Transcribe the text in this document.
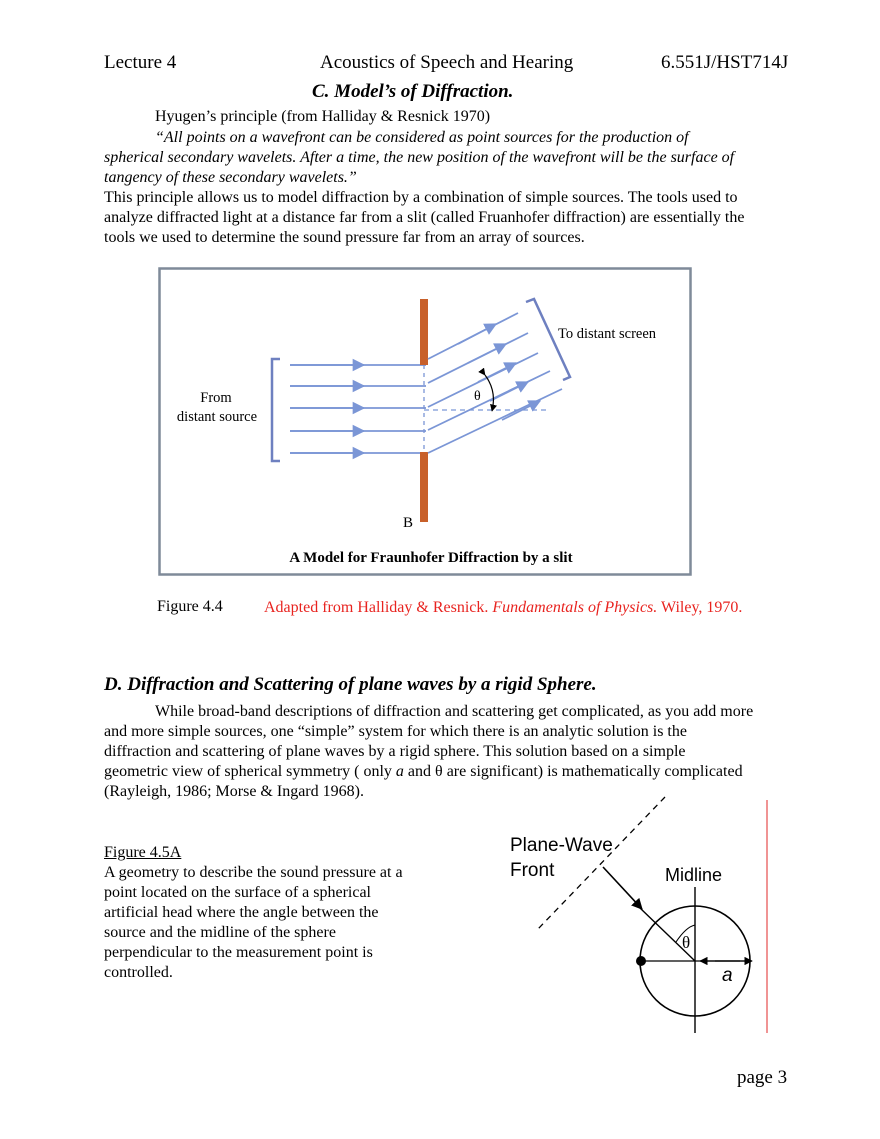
Lecture 4	Acoustics of Speech and Hearing	6.551J/HST714J
C. Model’s of Diffraction.
Hyugen’s principle (from Halliday & Resnick 1970)
“All points on a wavefront can be considered as point sources for the production of
spherical secondary wavelets. After a time, the new position of the wavefront will be the surface of
tangency of these secondary wavelets.”
This principle allows us to model diffraction by a combination of simple sources. The tools used to
analyze diffracted light at a distance far from a slit (called Fruanhofer diffraction) are essentially the
tools we used to determine the sound pressure far from an array of sources.
From
distant source
To distant screen
θ
B
A Model for Fraunhofer Diffraction by a slit
Figure 4.4	Adapted from Halliday & Resnick. Fundamentals of Physics. Wiley, 1970.
D. Diffraction and Scattering of plane waves by a rigid Sphere.
While broad-band descriptions of diffraction and scattering get complicated, as you add more
and more simple sources, one “simple” system for which there is an analytic solution is the
diffraction and scattering of plane waves by a rigid sphere. This solution based on a simple
geometric view of spherical symmetry ( only a and θ are significant) is mathematically complicated
(Rayleigh, 1986; Morse & Ingard 1968).
Figure 4.5A
A geometry to describe the sound pressure at a
point located on the surface of a spherical
artificial head where the angle between the
source and the midline of the sphere
perpendicular to the measurement point is
controlled.
Plane-Wave
Front	Midline
θ
a
page 3
